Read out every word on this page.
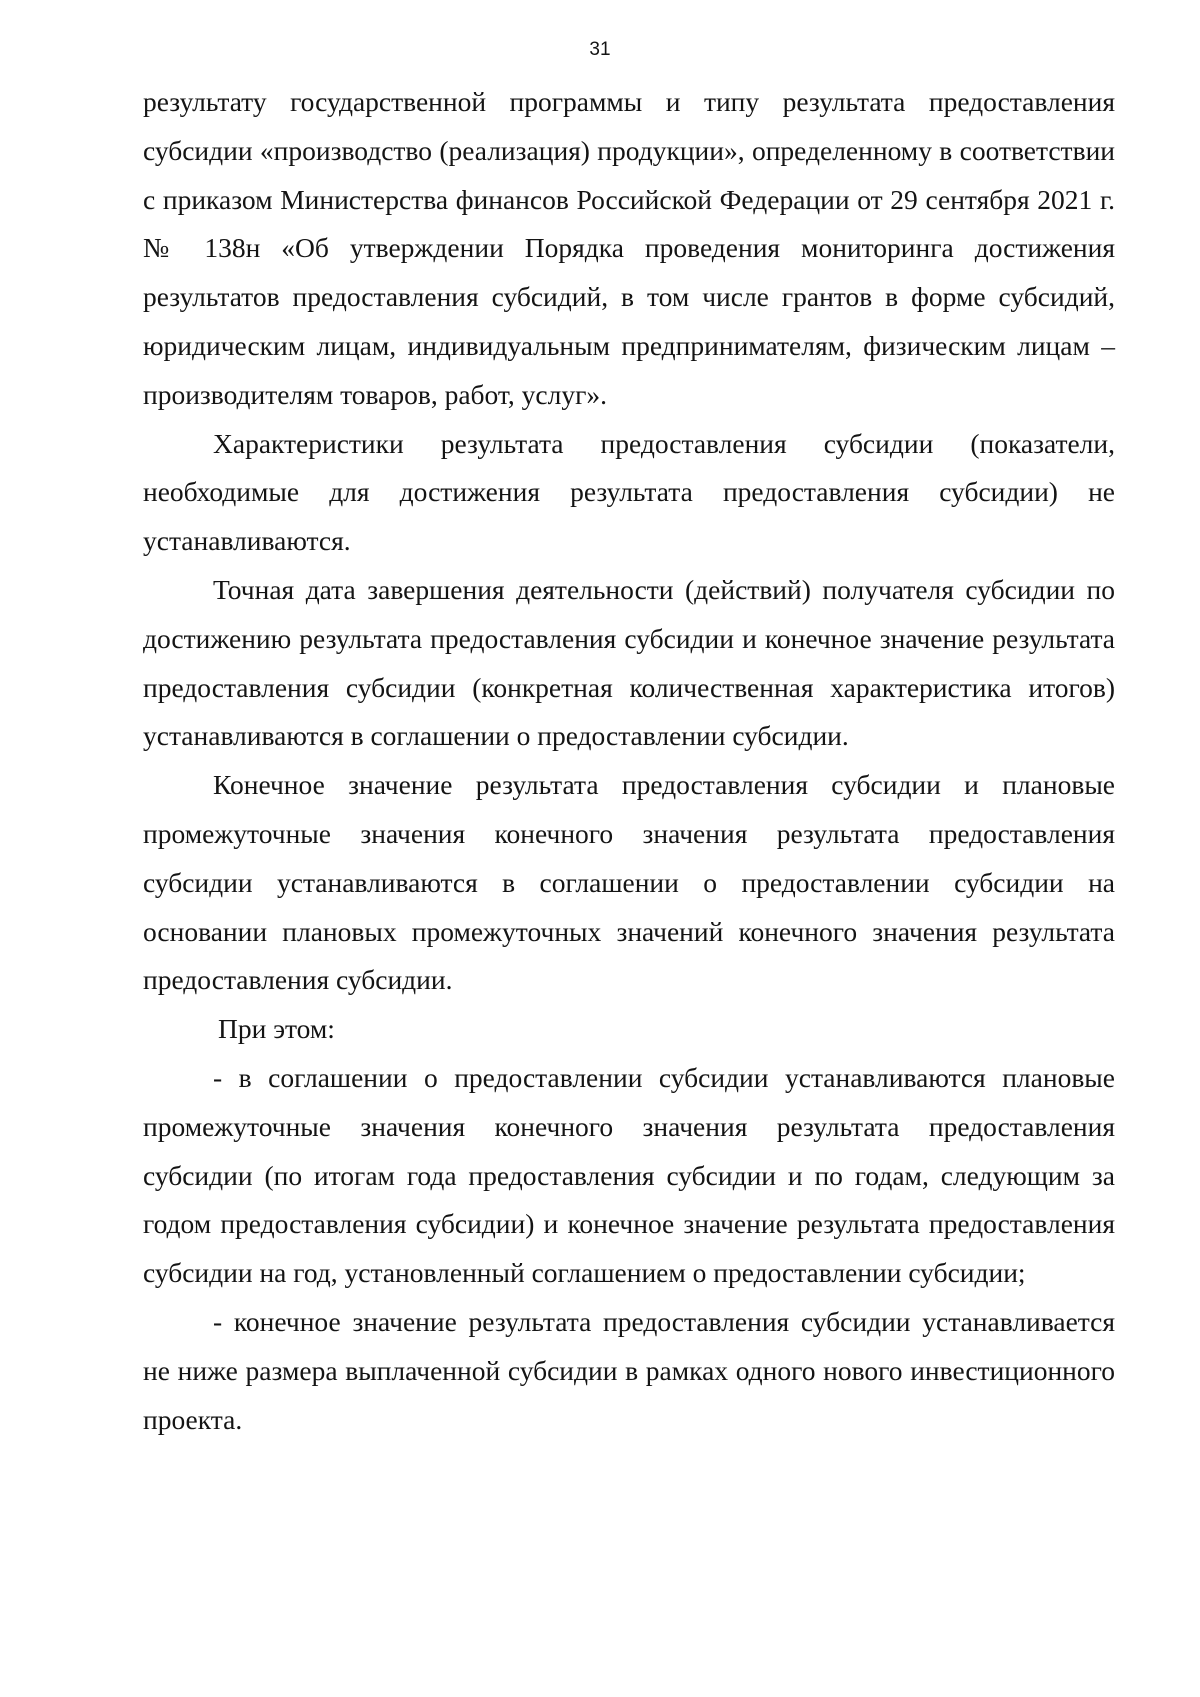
31

результату государственной программы и типу результата предоставления субсидии «производство (реализация) продукции», определенному в соответствии с приказом Министерства финансов Российской Федерации от 29 сентября 2021 г. № 138н «Об утверждении Порядка проведения мониторинга достижения результатов предоставления субсидий, в том числе грантов в форме субсидий, юридическим лицам, индивидуальным предпринимателям, физическим лицам – производителям товаров, работ, услуг».

Характеристики результата предоставления субсидии (показатели, необходимые для достижения результата предоставления субсидии) не устанавливаются.

Точная дата завершения деятельности (действий) получателя субсидии по достижению результата предоставления субсидии и конечное значение результата предоставления субсидии (конкретная количественная характеристика итогов) устанавливаются в соглашении о предоставлении субсидии.

Конечное значение результата предоставления субсидии и плановые промежуточные значения конечного значения результата предоставления субсидии устанавливаются в соглашении о предоставлении субсидии на основании плановых промежуточных значений конечного значения результата предоставления субсидии.

При этом:

- в соглашении о предоставлении субсидии устанавливаются плановые промежуточные значения конечного значения результата предоставления субсидии (по итогам года предоставления субсидии и по годам, следующим за годом предоставления субсидии) и конечное значение результата предоставления субсидии на год, установленный соглашением о предоставлении субсидии;

- конечное значение результата предоставления субсидии устанавливается не ниже размера выплаченной субсидии в рамках одного нового инвестиционного проекта.
